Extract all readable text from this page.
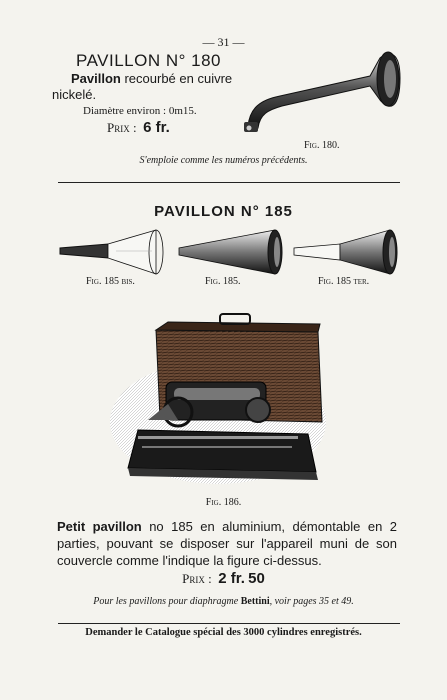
— 31 —
PAVILLON N° 180
Pavillon recourbé en cuivre
nickelé.
Diamètre environ : 0m15.
Prix : 6 fr.
Fig. 180.
S'emploie comme les numéros précédents.
PAVILLON N° 185
Fig. 185 bis.	Fig. 185.	Fig. 185 ter.
Fig. 186.
Petit pavillon no 185 en aluminium, démontable en 2 parties, pouvant se disposer sur l'appareil muni de son couvercle comme l'indique la figure ci-dessus.
Prix : 2 fr. 50
Pour les pavillons pour diaphragme Bettini, voir pages 35 et 49.
Demander le Catalogue spécial des 3000 cylindres enregistrés.
